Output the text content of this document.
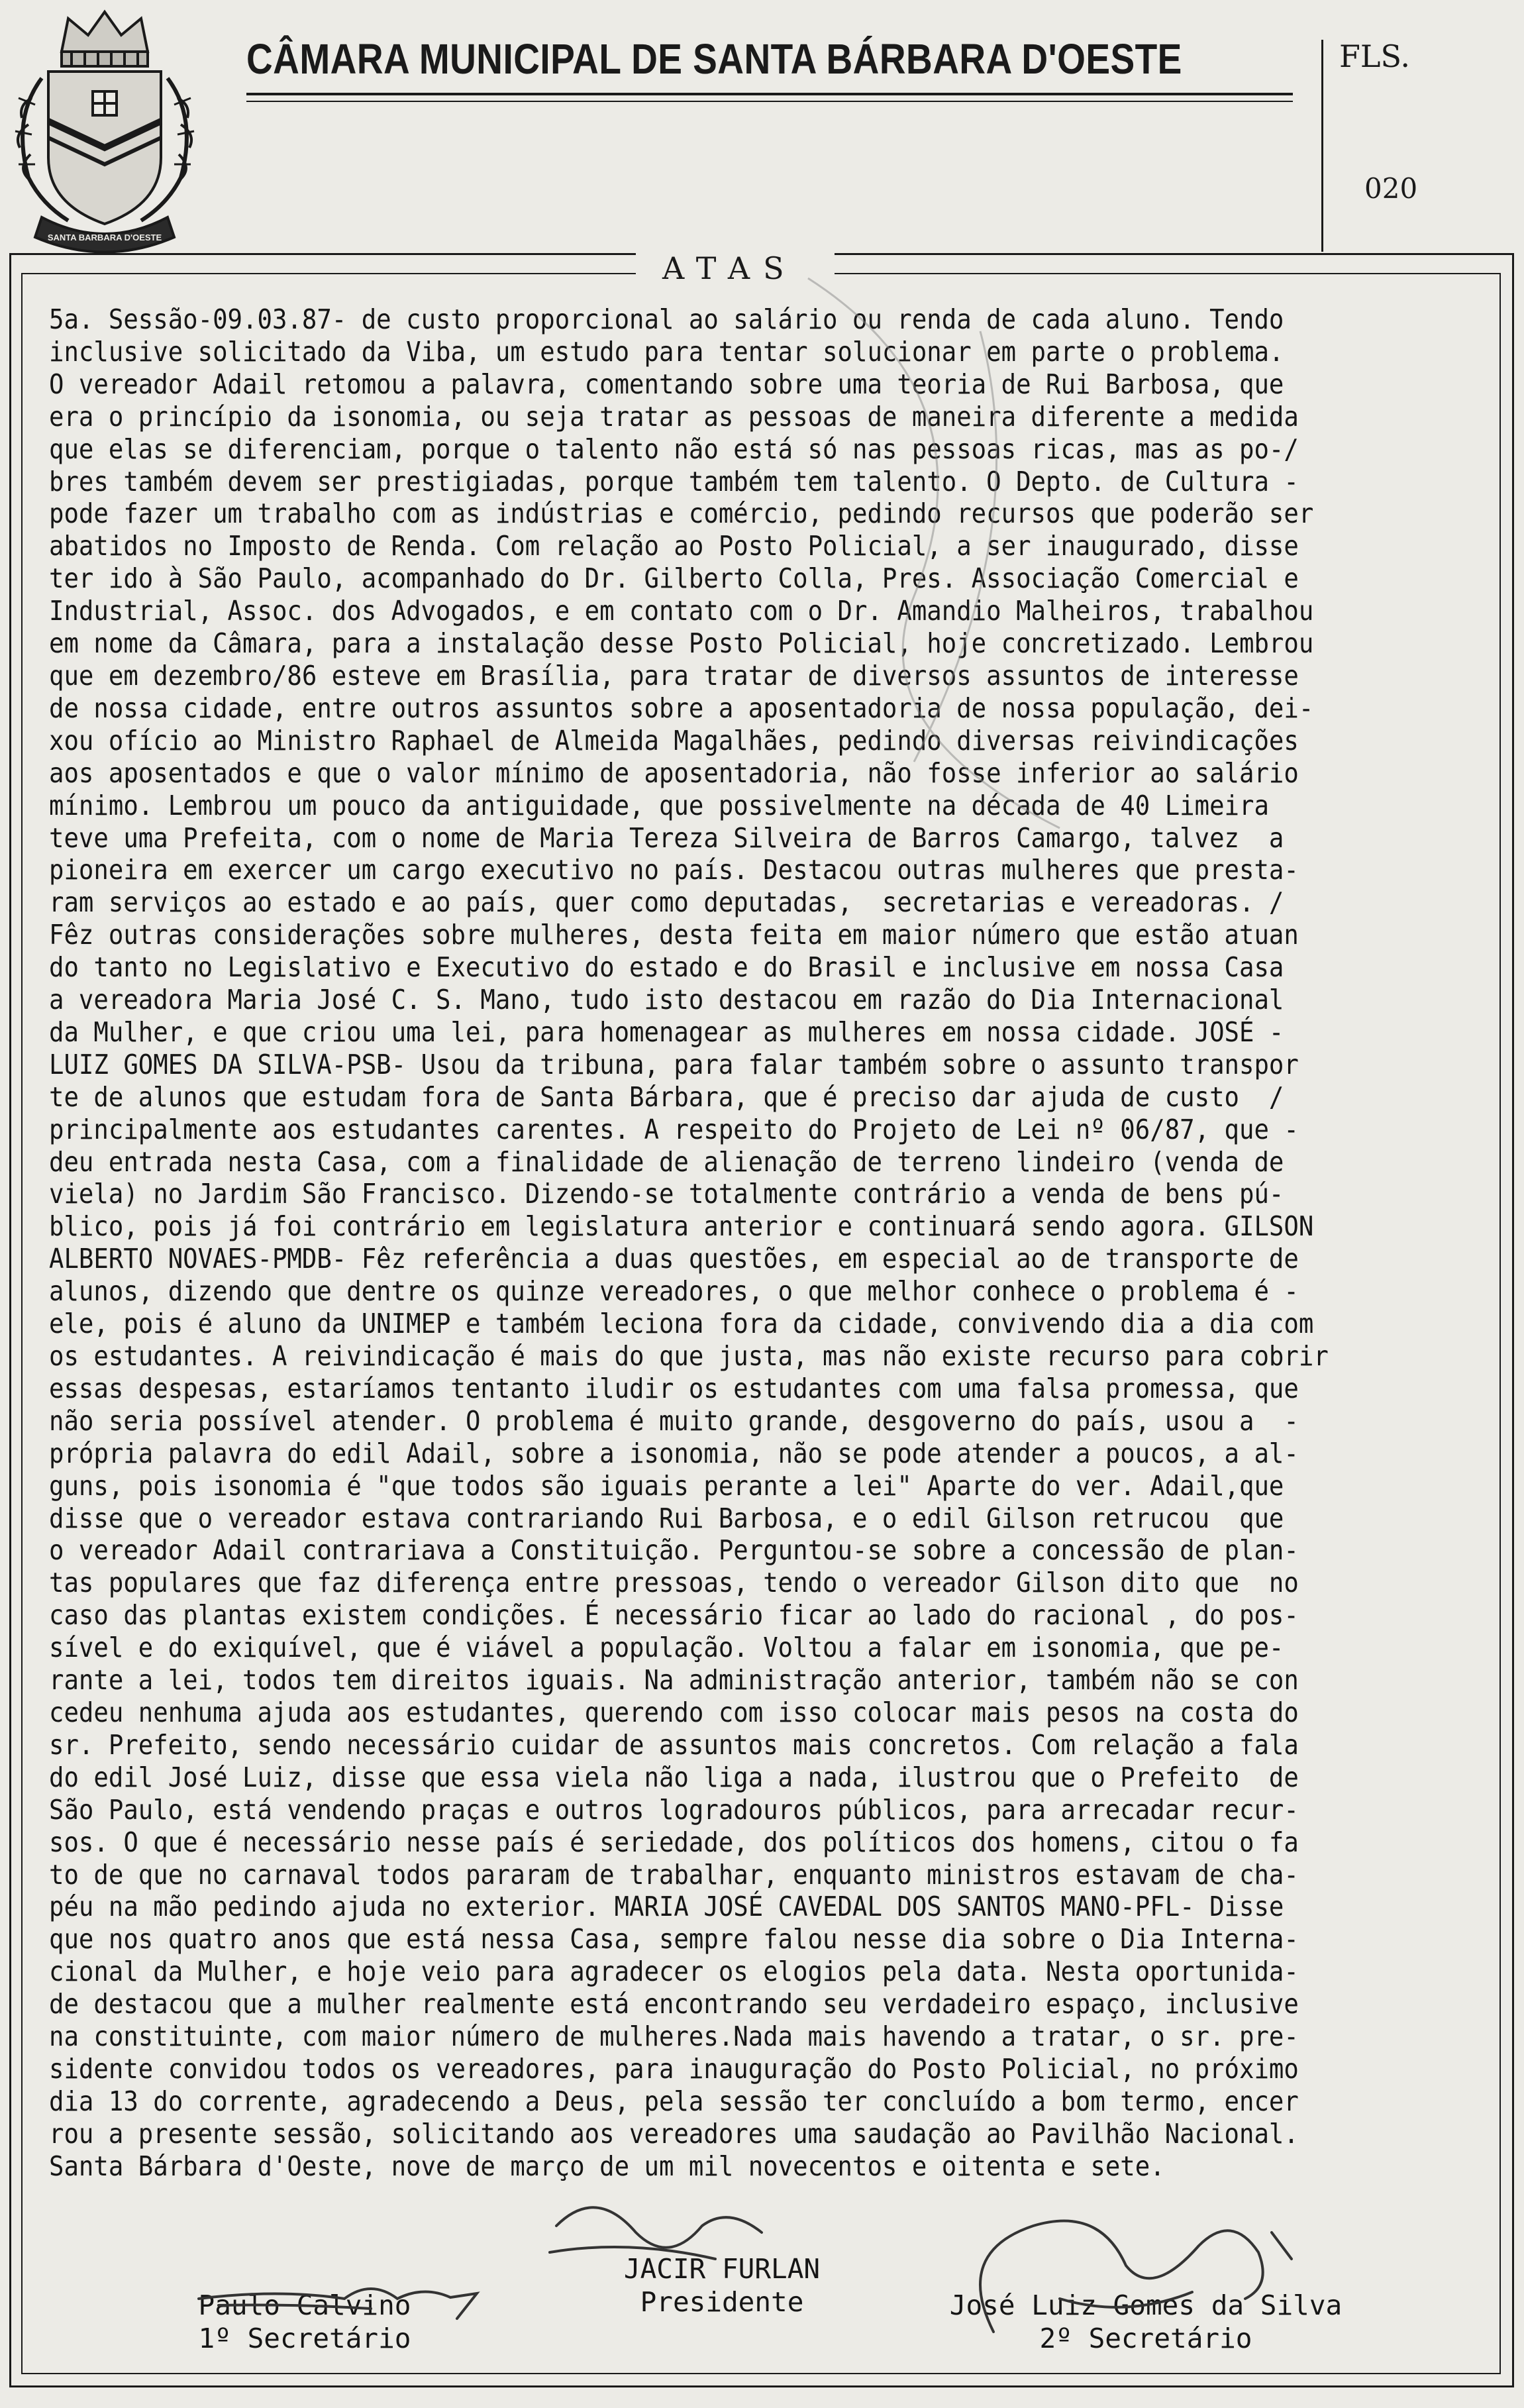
SANTA BARBARA D'OESTE
CÂMARA MUNICIPAL DE SANTA BÁRBARA D'OESTE	FLS.
020
ATAS
5a. Sessão-09.03.87- de custo proporcional ao salário ou renda de cada aluno. Tendo
inclusive solicitado da Viba, um estudo para tentar solucionar em parte o problema.
O vereador Adail retomou a palavra, comentando sobre uma teoria de Rui Barbosa, que
era o princípio da isonomia, ou seja tratar as pessoas de maneira diferente a medida
que elas se diferenciam, porque o talento não está só nas pessoas ricas, mas as po-/
bres também devem ser prestigiadas, porque também tem talento. O Depto. de Cultura -
pode fazer um trabalho com as indústrias e comércio, pedindo recursos que poderão ser
abatidos no Imposto de Renda. Com relação ao Posto Policial, a ser inaugurado, disse
ter ido à São Paulo, acompanhado do Dr. Gilberto Colla, Pres. Associação Comercial e
Industrial, Assoc. dos Advogados, e em contato com o Dr. Amandio Malheiros, trabalhou
em nome da Câmara, para a instalação desse Posto Policial, hoje concretizado. Lembrou
que em dezembro/86 esteve em Brasília, para tratar de diversos assuntos de interesse
de nossa cidade, entre outros assuntos sobre a aposentadoria de nossa população, dei-
xou ofício ao Ministro Raphael de Almeida Magalhães, pedindo diversas reivindicações
aos aposentados e que o valor mínimo de aposentadoria, não fosse inferior ao salário
mínimo. Lembrou um pouco da antiguidade, que possivelmente na década de 40 Limeira
teve uma Prefeita, com o nome de Maria Tereza Silveira de Barros Camargo, talvez  a
pioneira em exercer um cargo executivo no país. Destacou outras mulheres que presta-
ram serviços ao estado e ao país, quer como deputadas,  secretarias e vereadoras. /
Fêz outras considerações sobre mulheres, desta feita em maior número que estão atuan
do tanto no Legislativo e Executivo do estado e do Brasil e inclusive em nossa Casa
a vereadora Maria José C. S. Mano, tudo isto destacou em razão do Dia Internacional
da Mulher, e que criou uma lei, para homenagear as mulheres em nossa cidade. JOSÉ -
LUIZ GOMES DA SILVA-PSB- Usou da tribuna, para falar também sobre o assunto transpor
te de alunos que estudam fora de Santa Bárbara, que é preciso dar ajuda de custo  /
principalmente aos estudantes carentes. A respeito do Projeto de Lei nº 06/87, que -
deu entrada nesta Casa, com a finalidade de alienação de terreno lindeiro (venda de
viela) no Jardim São Francisco. Dizendo-se totalmente contrário a venda de bens pú-
blico, pois já foi contrário em legislatura anterior e continuará sendo agora. GILSON
ALBERTO NOVAES-PMDB- Fêz referência a duas questões, em especial ao de transporte de
alunos, dizendo que dentre os quinze vereadores, o que melhor conhece o problema é -
ele, pois é aluno da UNIMEP e também leciona fora da cidade, convivendo dia a dia com
os estudantes. A reivindicação é mais do que justa, mas não existe recurso para cobrir
essas despesas, estaríamos tentanto iludir os estudantes com uma falsa promessa, que
não seria possível atender. O problema é muito grande, desgoverno do país, usou a  -
própria palavra do edil Adail, sobre a isonomia, não se pode atender a poucos, a al-
guns, pois isonomia é "que todos são iguais perante a lei" Aparte do ver. Adail,que
disse que o vereador estava contrariando Rui Barbosa, e o edil Gilson retrucou  que
o vereador Adail contrariava a Constituição. Perguntou-se sobre a concessão de plan-
tas populares que faz diferença entre pressoas, tendo o vereador Gilson dito que  no
caso das plantas existem condições. É necessário ficar ao lado do racional , do pos-
sível e do exiquível, que é viável a população. Voltou a falar em isonomia, que pe-
rante a lei, todos tem direitos iguais. Na administração anterior, também não se con
cedeu nenhuma ajuda aos estudantes, querendo com isso colocar mais pesos na costa do
sr. Prefeito, sendo necessário cuidar de assuntos mais concretos. Com relação a fala
do edil José Luiz, disse que essa viela não liga a nada, ilustrou que o Prefeito  de
São Paulo, está vendendo praças e outros logradouros públicos, para arrecadar recur-
sos. O que é necessário nesse país é seriedade, dos políticos dos homens, citou o fa
to de que no carnaval todos pararam de trabalhar, enquanto ministros estavam de cha-
péu na mão pedindo ajuda no exterior. MARIA JOSÉ CAVEDAL DOS SANTOS MANO-PFL- Disse
que nos quatro anos que está nessa Casa, sempre falou nesse dia sobre o Dia Interna-
cional da Mulher, e hoje veio para agradecer os elogios pela data. Nesta oportunida-
de destacou que a mulher realmente está encontrando seu verdadeiro espaço, inclusive
na constituinte, com maior número de mulheres.Nada mais havendo a tratar, o sr. pre-
sidente convidou todos os vereadores, para inauguração do Posto Policial, no próximo
dia 13 do corrente, agradecendo a Deus, pela sessão ter concluído a bom termo, encer
rou a presente sessão, solicitando aos vereadores uma saudação ao Pavilhão Nacional.
Santa Bárbara d'Oeste, nove de março de um mil novecentos e oitenta e sete.
Paulo Calvino
1º Secretário
JACIR FURLAN
Presidente	José Luiz Gomes da Silva
2º Secretário
